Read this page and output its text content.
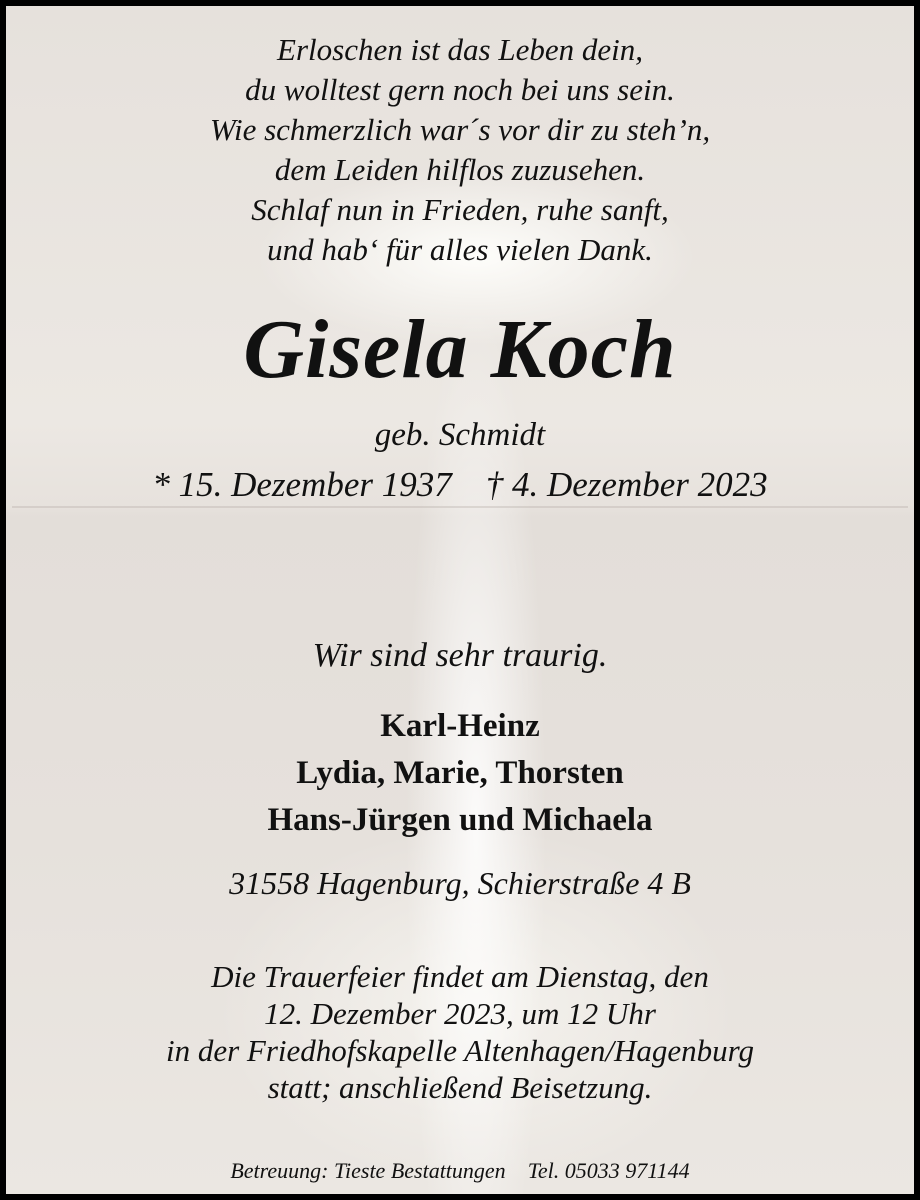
Erloschen ist das Leben dein,
du wolltest gern noch bei uns sein.
Wie schmerzlich war´s vor dir zu steh’n,
dem Leiden hilflos zuzusehen.
Schlaf nun in Frieden, ruhe sanft,
und hab‘ für alles vielen Dank.
Gisela Koch
geb. Schmidt
* 15. Dezember 1937 † 4. Dezember 2023
Wir sind sehr traurig.
Karl-Heinz
Lydia, Marie, Thorsten
Hans-Jürgen und Michaela
31558 Hagenburg, Schierstraße 4 B
Die Trauerfeier findet am Dienstag, den
12. Dezember 2023, um 12 Uhr
in der Friedhofskapelle Altenhagen/Hagenburg
statt; anschließend Beisetzung.
Betreuung: Tieste Bestattungen Tel. 05033 971144
